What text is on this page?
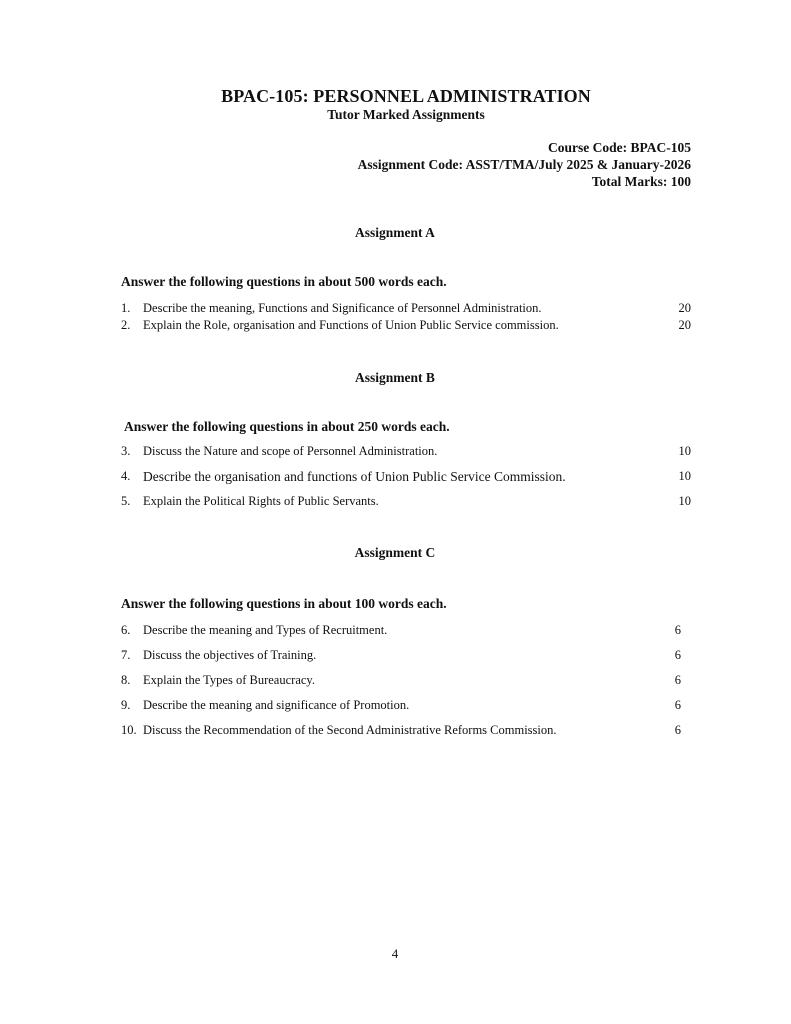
BPAC-105: PERSONNEL ADMINISTRATION
Tutor Marked Assignments
Course Code: BPAC-105
Assignment Code: ASST/TMA/July 2025 & January-2026
Total Marks: 100
Assignment A
Answer the following questions in about 500 words each.
1. Describe the meaning, Functions and Significance of Personnel Administration.	20
2. Explain the Role, organisation and Functions of Union Public Service commission.	20
Assignment B
Answer the following questions in about 250 words each.
3. Discuss the Nature and scope of Personnel Administration.	10
4. Describe the organisation and functions of Union Public Service Commission.	10
5. Explain the Political Rights of Public Servants.	10
Assignment C
Answer the following questions in about 100 words each.
6. Describe the meaning and Types of Recruitment.	6
7. Discuss the objectives of Training.	6
8. Explain the Types of Bureaucracy.	6
9. Describe the meaning and significance of Promotion.	6
10. Discuss the Recommendation of the Second Administrative Reforms Commission.	6
4
